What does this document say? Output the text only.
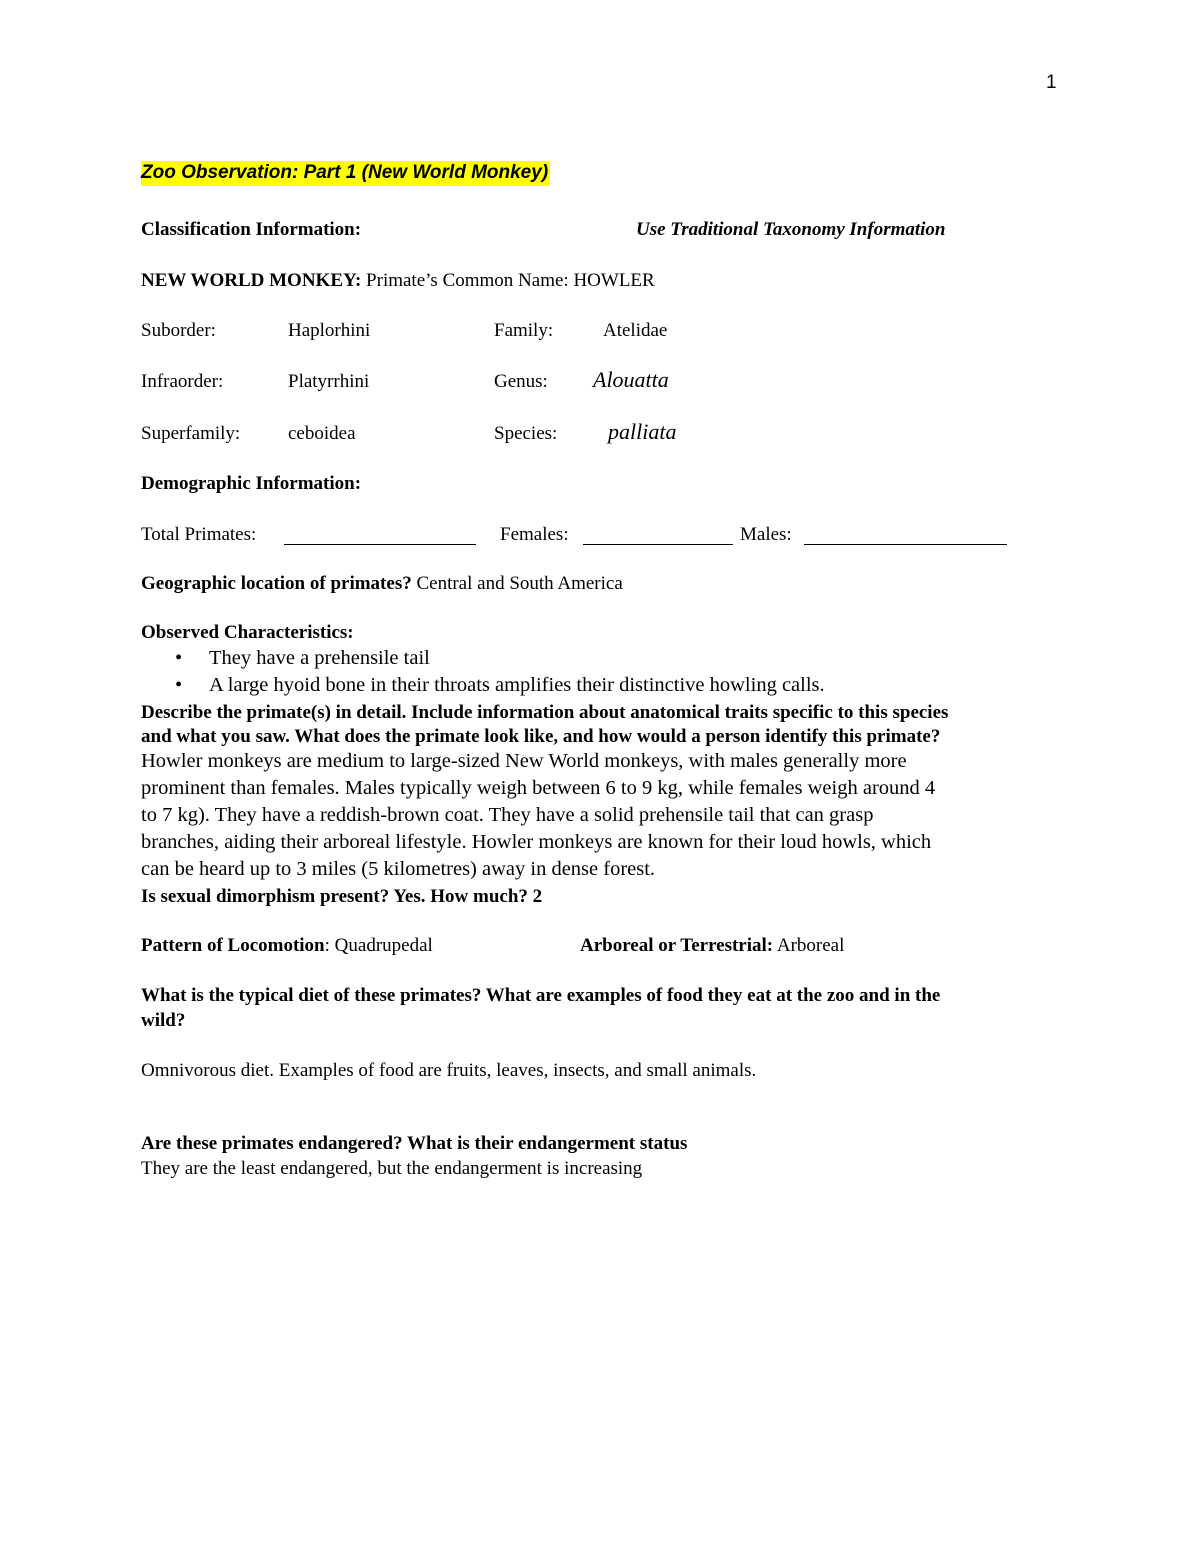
1
Zoo Observation: Part 1 (New World Monkey)
Classification Information:	Use Traditional Taxonomy Information
NEW WORLD MONKEY: Primate’s Common Name: HOWLER
Suborder:	Haplorhini	Family:	Atelidae
Infraorder:	Platyrrhini	Genus: Alouatta
Superfamily:	ceboidea	Species: palliata
Demographic Information:
Total Primates:	Females:	Males:
Geographic location of primates? Central and South America
Observed Characteristics:
• They have a prehensile tail
• A large hyoid bone in their throats amplifies their distinctive howling calls.
Describe the primate(s) in detail. Include information about anatomical traits specific to this species
and what you saw. What does the primate look like, and how would a person identify this primate?
Howler monkeys are medium to large-sized New World monkeys, with males generally more
prominent than females. Males typically weigh between 6 to 9 kg, while females weigh around 4
to 7 kg). They have a reddish-brown coat. They have a solid prehensile tail that can grasp
branches, aiding their arboreal lifestyle. Howler monkeys are known for their loud howls, which
can be heard up to 3 miles (5 kilometres) away in dense forest.
Is sexual dimorphism present? Yes. How much? 2
Pattern of Locomotion: Quadrupedal	Arboreal or Terrestrial: Arboreal
What is the typical diet of these primates? What are examples of food they eat at the zoo and in the
wild?
Omnivorous diet. Examples of food are fruits, leaves, insects, and small animals.
Are these primates endangered? What is their endangerment status
They are the least endangered, but the endangerment is increasing
